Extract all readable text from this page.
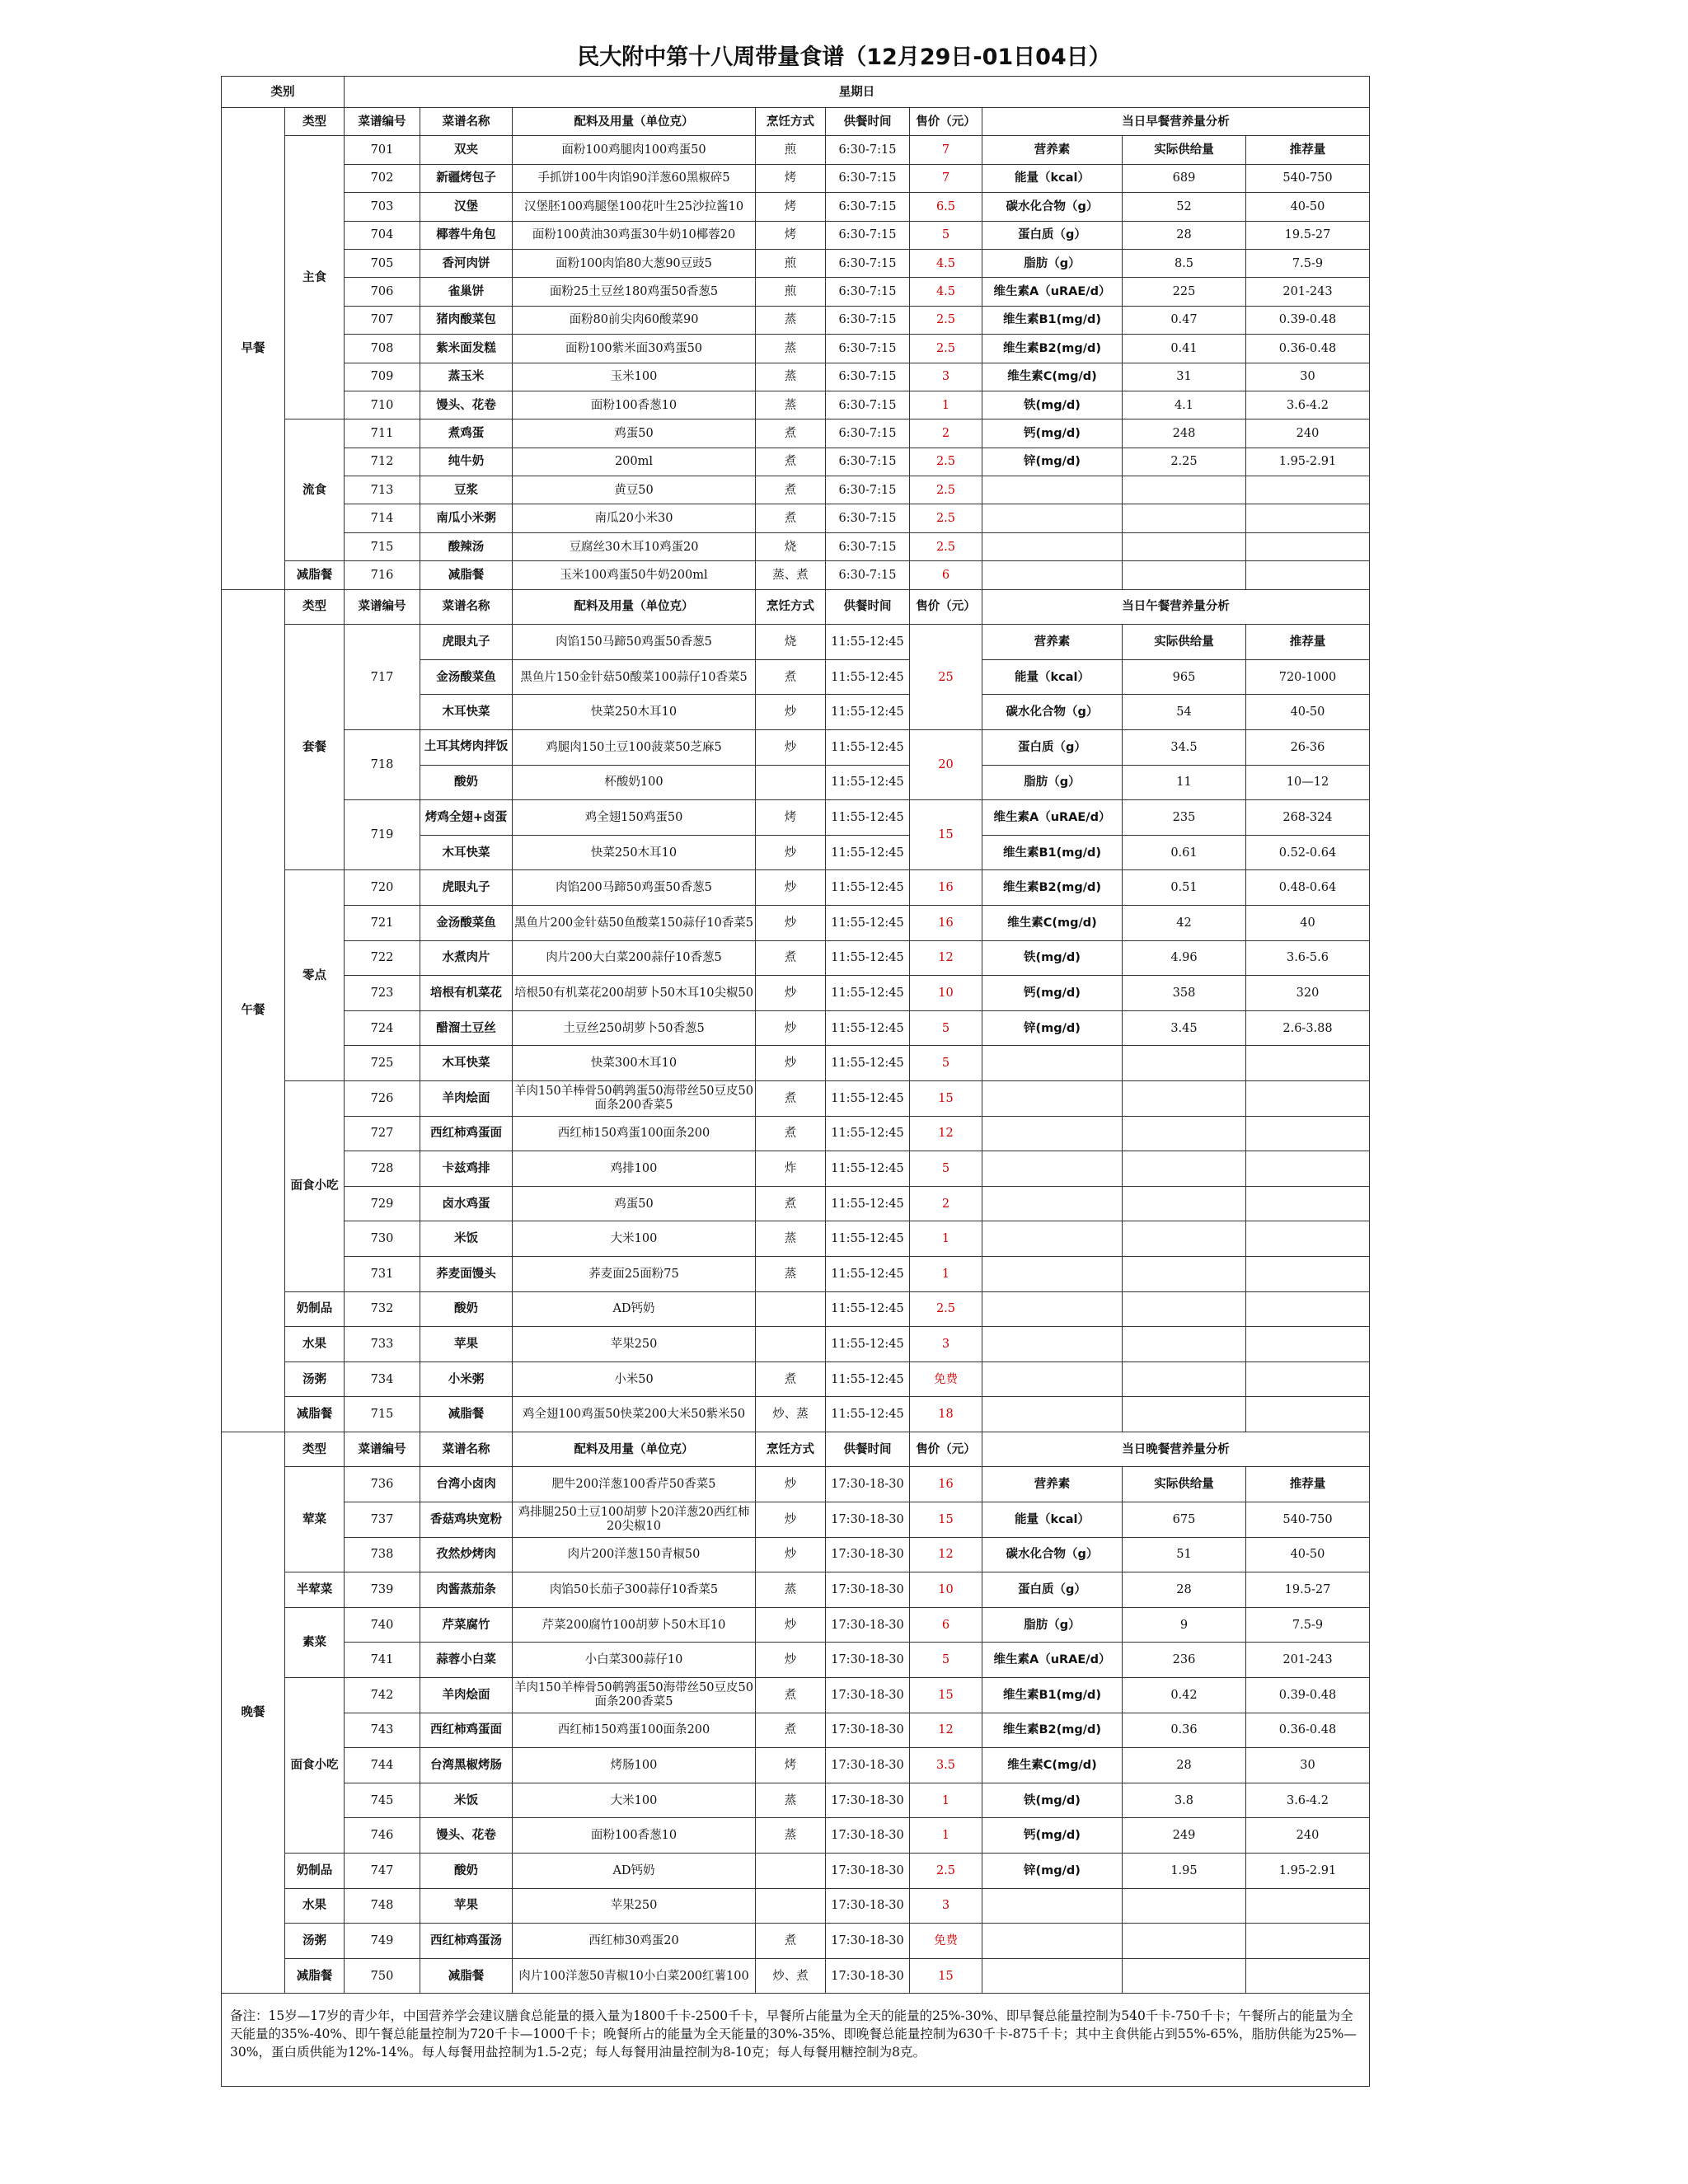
民大附中第十八周带量食谱（12月29日-01日04日）
类别		星期日								
早餐	类型	菜谱编号	菜谱名称	配料及用量（单位克）	烹饪方式	供餐时间	售价（元）	当日早餐营养量分析		
	主食	701	双夹	面粉100鸡腿肉100鸡蛋50	煎	6:30-7:15	7	营养素	实际供给量	推荐量
		702	新疆烤包子	手抓饼100牛肉馅90洋葱60黑椒碎5	烤	6:30-7:15	7	能量（kcal）	689	540-750
		703	汉堡	汉堡胚100鸡腿堡100花叶生25沙拉酱10	烤	6:30-7:15	6.5	碳水化合物（g）	52	40-50
		704	椰蓉牛角包	面粉100黄油30鸡蛋30牛奶10椰蓉20	烤	6:30-7:15	5	蛋白质（g）	28	19.5-27
		705	香河肉饼	面粉100肉馅80大葱90豆豉5	煎	6:30-7:15	4.5	脂肪（g）	8.5	7.5-9
		706	雀巢饼	面粉25土豆丝180鸡蛋50香葱5	煎	6:30-7:15	4.5	维生素A（uRAE/d）	225	201-243
		707	猪肉酸菜包	面粉80前尖肉60酸菜90	蒸	6:30-7:15	2.5	维生素B1(mg/d)	0.47	0.39-0.48
		708	紫米面发糕	面粉100紫米面30鸡蛋50	蒸	6:30-7:15	2.5	维生素B2(mg/d)	0.41	0.36-0.48
		709	蒸玉米	玉米100	蒸	6:30-7:15	3	维生素C(mg/d)	31	30
		710	馒头、花卷	面粉100香葱10	蒸	6:30-7:15	1	铁(mg/d)	4.1	3.6-4.2
	流食	711	煮鸡蛋	鸡蛋50	煮	6:30-7:15	2	钙(mg/d)	248	240
		712	纯牛奶	200ml	煮	6:30-7:15	2.5	锌(mg/d)	2.25	1.95-2.91
		713	豆浆	黄豆50	煮	6:30-7:15	2.5			
		714	南瓜小米粥	南瓜20小米30	煮	6:30-7:15	2.5			
		715	酸辣汤	豆腐丝30木耳10鸡蛋20	烧	6:30-7:15	2.5			
	减脂餐	716	减脂餐	玉米100鸡蛋50牛奶200ml	蒸、煮	6:30-7:15	6			
午餐	类型	菜谱编号	菜谱名称	配料及用量（单位克）	烹饪方式	供餐时间	售价（元）	当日午餐营养量分析		
	套餐	717	虎眼丸子	肉馅150马蹄50鸡蛋50香葱5	烧	11:55-12:45	25	营养素	实际供给量	推荐量
			金汤酸菜鱼	黑鱼片150金针菇50酸菜100蒜仔10香菜5	煮	11:55-12:45		能量（kcal）	965	720-1000
			木耳快菜	快菜250木耳10	炒	11:55-12:45		碳水化合物（g）	54	40-50
		718	土耳其烤肉拌饭	鸡腿肉150土豆100菠菜50芝麻5	炒	11:55-12:45	20	蛋白质（g）	34.5	26-36
			酸奶	杯酸奶100		11:55-12:45		脂肪（g）	11	10—12
		719	烤鸡全翅+卤蛋	鸡全翅150鸡蛋50	烤	11:55-12:45	15	维生素A（uRAE/d）	235	268-324
			木耳快菜	快菜250木耳10	炒	11:55-12:45		维生素B1(mg/d)	0.61	0.52-0.64
	零点	720	虎眼丸子	肉馅200马蹄50鸡蛋50香葱5	炒	11:55-12:45	16	维生素B2(mg/d)	0.51	0.48-0.64
		721	金汤酸菜鱼	黑鱼片200金针菇50鱼酸菜150蒜仔10香菜5	炒	11:55-12:45	16	维生素C(mg/d)	42	40
		722	水煮肉片	肉片200大白菜200蒜仔10香葱5	煮	11:55-12:45	12	铁(mg/d)	4.96	3.6-5.6
		723	培根有机菜花	培根50有机菜花200胡萝卜50木耳10尖椒50	炒	11:55-12:45	10	钙(mg/d)	358	320
		724	醋溜土豆丝	土豆丝250胡萝卜50香葱5	炒	11:55-12:45	5	锌(mg/d)	3.45	2.6-3.88
		725	木耳快菜	快菜300木耳10	炒	11:55-12:45	5			
	面食小吃	726	羊肉烩面	羊肉150羊棒骨50鹌鹑蛋50海带丝50豆皮50面条200香菜5	煮	11:55-12:45	15			
		727	西红柿鸡蛋面	西红柿150鸡蛋100面条200	煮	11:55-12:45	12			
		728	卡兹鸡排	鸡排100	炸	11:55-12:45	5			
		729	卤水鸡蛋	鸡蛋50	煮	11:55-12:45	2			
		730	米饭	大米100	蒸	11:55-12:45	1			
		731	荞麦面馒头	荞麦面25面粉75	蒸	11:55-12:45	1			
	奶制品	732	酸奶	AD钙奶		11:55-12:45	2.5			
	水果	733	苹果	苹果250		11:55-12:45	3			
	汤粥	734	小米粥	小米50	煮	11:55-12:45	免费			
	减脂餐	715	减脂餐	鸡全翅100鸡蛋50快菜200大米50紫米50	炒、蒸	11:55-12:45	18			
晚餐	类型	菜谱编号	菜谱名称	配料及用量（单位克）	烹饪方式	供餐时间	售价（元）	当日晚餐营养量分析		
	荤菜	736	台湾小卤肉	肥牛200洋葱100香芹50香菜5	炒	17:30-18-30	16	营养素	实际供给量	推荐量
		737	香菇鸡块宽粉	鸡排腿250土豆100胡萝卜20洋葱20西红柿20尖椒10	炒	17:30-18-30	15	能量（kcal）	675	540-750
		738	孜然炒烤肉	肉片200洋葱150青椒50	炒	17:30-18-30	12	碳水化合物（g）	51	40-50
	半荤菜	739	肉酱蒸茄条	肉馅50长茄子300蒜仔10香菜5	蒸	17:30-18-30	10	蛋白质（g）	28	19.5-27
	素菜	740	芹菜腐竹	芹菜200腐竹100胡萝卜50木耳10	炒	17:30-18-30	6	脂肪（g）	9	7.5-9
		741	蒜蓉小白菜	小白菜300蒜仔10	炒	17:30-18-30	5	维生素A（uRAE/d）	236	201-243
	面食小吃	742	羊肉烩面	羊肉150羊棒骨50鹌鹑蛋50海带丝50豆皮50面条200香菜5	煮	17:30-18-30	15	维生素B1(mg/d)	0.42	0.39-0.48
		743	西红柿鸡蛋面	西红柿150鸡蛋100面条200	煮	17:30-18-30	12	维生素B2(mg/d)	0.36	0.36-0.48
		744	台湾黑椒烤肠	烤肠100	烤	17:30-18-30	3.5	维生素C(mg/d)	28	30
		745	米饭	大米100	蒸	17:30-18-30	1	铁(mg/d)	3.8	3.6-4.2
		746	馒头、花卷	面粉100香葱10	蒸	17:30-18-30	1	钙(mg/d)	249	240
	奶制品	747	酸奶	AD钙奶		17:30-18-30	2.5	锌(mg/d)	1.95	1.95-2.91
	水果	748	苹果	苹果250		17:30-18-30	3			
	汤粥	749	西红柿鸡蛋汤	西红柿30鸡蛋20	煮	17:30-18-30	免费			
	减脂餐	750	减脂餐	肉片100洋葱50青椒10小白菜200红薯100	炒、煮	17:30-18-30	15			
备注：15岁—17岁的青少年，中国营养学会建议膳食总能量的摄入量为1800千卡-2500千卡，早餐所占能量为全天的能量的25%-30%、即早餐总能量控制为540千卡-750千卡；午餐所占的能量为全天能量的35%-40%、即午餐总能量控制为720千卡—1000千卡；晚餐所占的能量为全天能量的30%-35%、即晚餐总能量控制为630千卡-875千卡；其中主食供能占到55%-65%，脂肪供能为25%—30%，蛋白质供能为12%-14%。每人每餐用盐控制为1.5-2克；每人每餐用油量控制为8-10克；每人每餐用糖控制为8克。										
